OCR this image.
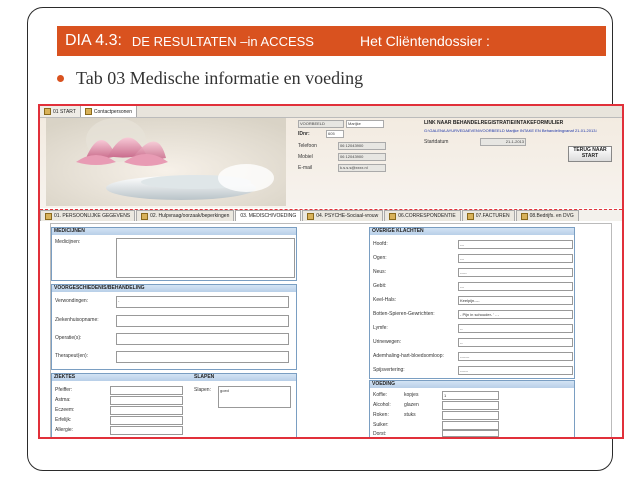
DIA 4.3: DE RESULTATEN –in ACCESS	Het Cliëntendossier :
Tab 03 Medische informatie en voeding
01 START	Contactpersonen
VOORBEELD	Marijke
IDnr:	605
Telefoon	06 12043900
Mobiel	06 12043900
E-mail	k.s.s.s@xxxx.nl
LINK NAAR BEHANDELREGISTRATIE/INTAKEFORMULIER
G:\GALENA AYURVEDAEVEN\VOORBEELD Marijke INTAKE EN Behandelingvanaf 21-01-2013.l
Startdatum	21-1-2013
TERUG NAAR START
01. PERSOONLIJKE GEGEVENS	02. Hulpvraag/oorzaak/beperkingen 03. MEDISCH/VOEDING	04. PSYCHE-Sociaal-vrouw	06.CORRESPONDENTIE	07.FACTUREN	08.Bedrijfs. en DVG
MEDICIJNEN
Medicijnen:
VOORGESCHIEDENIS/BEHANDELING
Verwondingen:	-
Ziekenhuisopname:
Operatie(s):
Therapeut(en):
ZIEKTES	SLAPEN
Pfeiffer:
Astma:
Eczeem:
Erfelijk:
Allergie:
Slapen:	goed
OVERIGE KLACHTEN
Hoofd:	---
Ogen:	---
Neus:	-----
Gebit:	---
Keel-Hals:	Keelpijn----
Botten-Spieren-Gewrichten:	- Pijn in schouder- ' - -
Lymfe:	--
Urinewegen:	--
Ademhaling-hart-bloedsomloop:	-------
Spijsvertering:	------
VOEDING
Koffie:	kopjes	1
Alcohol:	glazen
Roken:	stuks
Suiker:
Dorst:
